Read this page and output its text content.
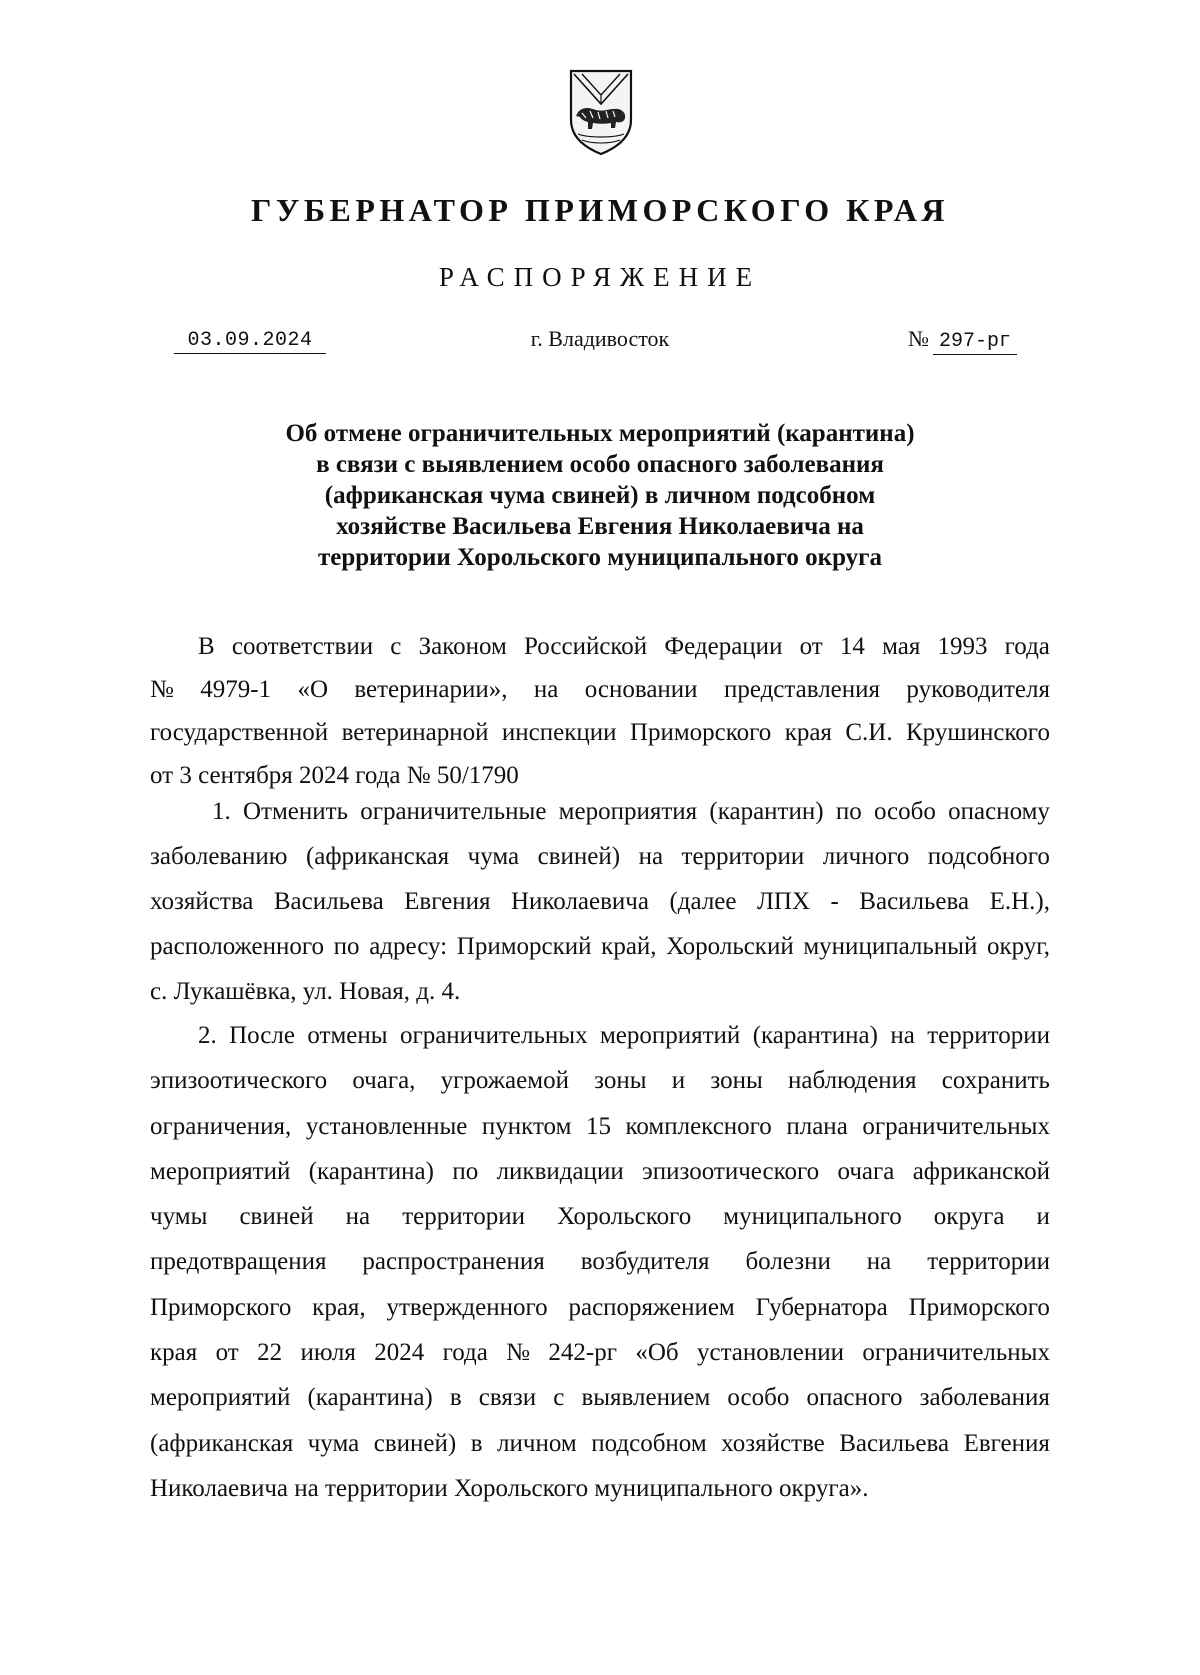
ГУБЕРНАТОР ПРИМОРСКОГО КРАЯ
РАСПОРЯЖЕНИЕ
03.09.2024	г. Владивосток	№ 297-рг
Об отмене ограничительных мероприятий (карантина)
в связи с выявлением особо опасного заболевания
(африканская чума свиней) в личном подсобном
хозяйстве Васильева Евгения Николаевича на
территории Хорольского муниципального округа
В соответствии с Законом Российской Федерации от 14 мая 1993 года
№ 4979-1 «О ветеринарии», на основании представления руководителя
государственной ветеринарной инспекции Приморского края С.И. Крушинского
от 3 сентября 2024 года № 50/1790
1. Отменить ограничительные мероприятия (карантин) по особо опасному
заболеванию (африканская чума свиней) на территории личного подсобного
хозяйства Васильева Евгения Николаевича (далее ЛПХ - Васильева Е.Н.),
расположенного по адресу: Приморский край, Хорольский муниципальный округ,
с. Лукашёвка, ул. Новая, д. 4.
2. После отмены ограничительных мероприятий (карантина) на территории
эпизоотического очага, угрожаемой зоны и зоны наблюдения сохранить
ограничения, установленные пунктом 15 комплексного плана ограничительных
мероприятий (карантина) по ликвидации эпизоотического очага африканской
чумы свиней на территории Хорольского муниципального округа и
предотвращения распространения возбудителя болезни на территории
Приморского края, утвержденного распоряжением Губернатора Приморского
края от 22 июля 2024 года № 242-рг «Об установлении ограничительных
мероприятий (карантина) в связи с выявлением особо опасного заболевания
(африканская чума свиней) в личном подсобном хозяйстве Васильева Евгения
Николаевича на территории Хорольского муниципального округа».
